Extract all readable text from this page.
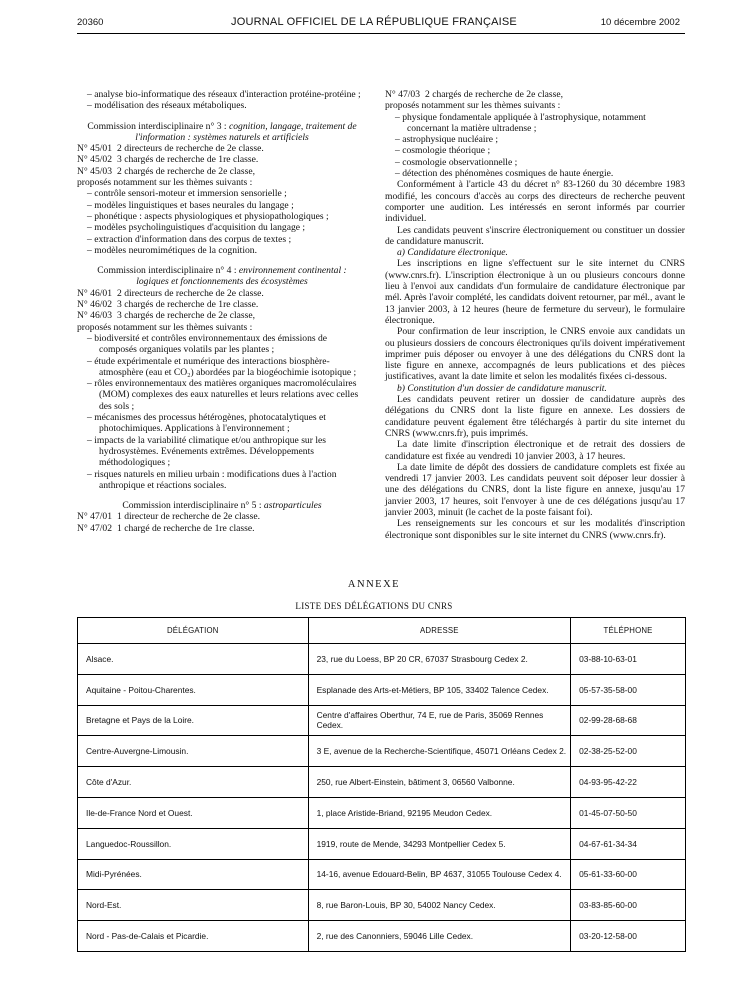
20360	JOURNAL OFFICIEL DE LA RÉPUBLIQUE FRANÇAISE	10 décembre 2002
– analyse bio-informatique des réseaux d'interaction protéine-protéine ;
– modélisation des réseaux métaboliques.
Commission interdisciplinaire n° 3 : cognition, langage, traitement de l'information : systèmes naturels et artificiels
N° 45/01 2 directeurs de recherche de 2e classe.
N° 45/02 3 chargés de recherche de 1re classe.
N° 45/03 2 chargés de recherche de 2e classe,
proposés notamment sur les thèmes suivants :
– contrôle sensori-moteur et immersion sensorielle ;
– modèles linguistiques et bases neurales du langage ;
– phonétique : aspects physiologiques et physiopathologiques ;
– modèles psycholinguistiques d'acquisition du langage ;
– extraction d'information dans des corpus de textes ;
– modèles neuromimétiques de la cognition.
Commission interdisciplinaire n° 4 : environnement continental : logiques et fonctionnements des écosystèmes
N° 46/01 2 directeurs de recherche de 2e classe.
N° 46/02 3 chargés de recherche de 1re classe.
N° 46/03 3 chargés de recherche de 2e classe,
proposés notamment sur les thèmes suivants :
– biodiversité et contrôles environnementaux des émissions de composés organiques volatils par les plantes ;
– étude expérimentale et numérique des interactions biosphère-atmosphère (eau et CO₂) abordées par la biogéochimie isotopique ;
– rôles environnementaux des matières organiques macromoléculaires (MOM) complexes des eaux naturelles et leurs relations avec celles des sols ;
– mécanismes des processus hétérogènes, photocatalytiques et photochimiques. Applications à l'environnement ;
– impacts de la variabilité climatique et/ou anthropique sur les hydrosystèmes. Evénements extrêmes. Développements méthodologiques ;
– risques naturels en milieu urbain : modifications dues à l'action anthropique et réactions sociales.
Commission interdisciplinaire n° 5 : astroparticules
N° 47/01 1 directeur de recherche de 2e classe.
N° 47/02 1 chargé de recherche de 1re classe.
N° 47/03 2 chargés de recherche de 2e classe,
proposés notamment sur les thèmes suivants :
– physique fondamentale appliquée à l'astrophysique, notamment concernant la matière ultradense ;
– astrophysique nucléaire ;
– cosmologie théorique ;
– cosmologie observationnelle ;
– détection des phénomènes cosmiques de haute énergie.
Conformément à l'article 43 du décret n° 83-1260 du 30 décembre 1983 modifié, les concours d'accès au corps des directeurs de recherche peuvent comporter une audition. Les intéressés en seront informés par courrier individuel.
Les candidats peuvent s'inscrire électroniquement ou constituer un dossier de candidature manuscrit.
a) Candidature électronique.
Les inscriptions en ligne s'effectuent sur le site internet du CNRS (www.cnrs.fr). L'inscription électronique à un ou plusieurs concours donne lieu à l'envoi aux candidats d'un formulaire de candidature électronique par mél. Après l'avoir complété, les candidats doivent retourner, par mél., avant le 13 janvier 2003, à 12 heures (heure de fermeture du serveur), le formulaire électronique.
Pour confirmation de leur inscription, le CNRS envoie aux candidats un ou plusieurs dossiers de concours électroniques qu'ils doivent impérativement imprimer puis déposer ou envoyer à une des délégations du CNRS dont la liste figure en annexe, accompagnés de leurs publications et des pièces justificatives, avant la date limite et selon les modalités fixées ci-dessous.
b) Constitution d'un dossier de candidature manuscrit.
Les candidats peuvent retirer un dossier de candidature auprès des délégations du CNRS dont la liste figure en annexe. Les dossiers de candidature peuvent également être téléchargés à partir du site internet du CNRS (www.cnrs.fr), puis imprimés.
La date limite d'inscription électronique et de retrait des dossiers de candidature est fixée au vendredi 10 janvier 2003, à 17 heures.
La date limite de dépôt des dossiers de candidature complets est fixée au vendredi 17 janvier 2003. Les candidats peuvent soit déposer leur dossier à une des délégations du CNRS, dont la liste figure en annexe, jusqu'au 17 janvier 2003, 17 heures, soit l'envoyer à une de ces délégations jusqu'au 17 janvier 2003, minuit (le cachet de la poste faisant foi).
Les renseignements sur les concours et sur les modalités d'inscription électronique sont disponibles sur le site internet du CNRS (www.cnrs.fr).
ANNEXE
LISTE DES DÉLÉGATIONS DU CNRS
DÉLÉGATION	ADRESSE	TÉLÉPHONE
Alsace.	23, rue du Loess, BP 20 CR, 67037 Strasbourg Cedex 2.	03-88-10-63-01
Aquitaine - Poitou-Charentes.	Esplanade des Arts-et-Métiers, BP 105, 33402 Talence Cedex.	05-57-35-58-00
Bretagne et Pays de la Loire.	Centre d'affaires Oberthur, 74 E, rue de Paris, 35069 Rennes Cedex.	02-99-28-68-68
Centre-Auvergne-Limousin.	3 E, avenue de la Recherche-Scientifique, 45071 Orléans Cedex 2.	02-38-25-52-00
Côte d'Azur.	250, rue Albert-Einstein, bâtiment 3, 06560 Valbonne.	04-93-95-42-22
Ile-de-France Nord et Ouest.	1, place Aristide-Briand, 92195 Meudon Cedex.	01-45-07-50-50
Languedoc-Roussillon.	1919, route de Mende, 34293 Montpellier Cedex 5.	04-67-61-34-34
Midi-Pyrénées.	14-16, avenue Edouard-Belin, BP 4637, 31055 Toulouse Cedex 4.	05-61-33-60-00
Nord-Est.	8, rue Baron-Louis, BP 30, 54002 Nancy Cedex.	03-83-85-60-00
Nord - Pas-de-Calais et Picardie.	2, rue des Canonniers, 59046 Lille Cedex.	03-20-12-58-00
